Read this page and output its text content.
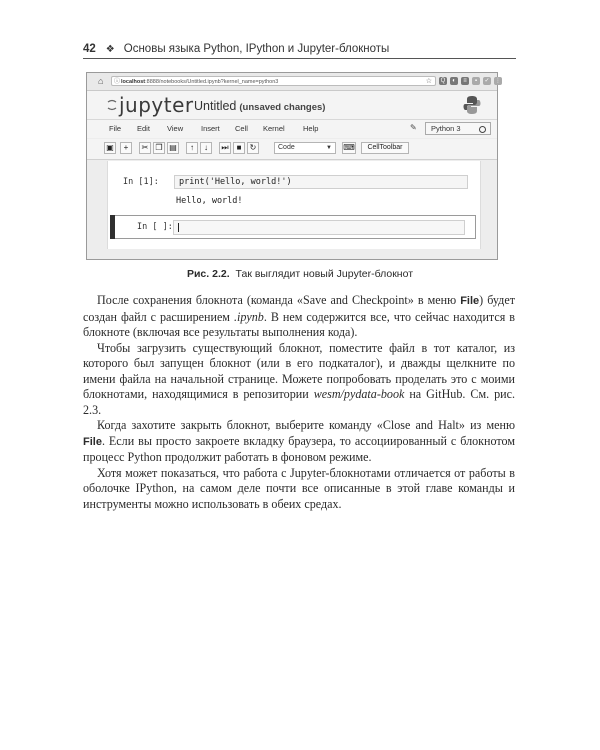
42 ❖ Основы языка Python, IPython и Jupyter-блокноты
⌂ ⓘ localhost:8888/notebooks/Untitled.ipynb?kernel_name=python3	☆ Q	◐	≡	▪	✓ ⋮
jupyter Untitled (unsaved changes)
File Edit View Insert Cell Kernel Help	✎ Python 3
▣	+	✂ ❐ ▤	↑	↓	⏭ ■	↻	Code	▼ ⌨	CellToolbar
In [1]: print('Hello, world!')
Hello, world!
In [ ]:
Рис. 2.2. Так выглядит новый Jupyter-блокнот

После сохранения блокнота (команда «Save and Checkpoint» в меню File) будет создан файл с расширением .ipynb. В нем содержится все, что сейчас находится в блокноте (включая все результаты выполнения кода).

Чтобы загрузить существующий блокнот, поместите файл в тот каталог, из которого был запущен блокнот (или в его подкаталог), и дважды щелкните по имени файла на начальной странице. Можете попробовать проделать это с моими блокнотами, находящимися в репозитории wesm/pydata-book на GitHub. См. рис. 2.3.

Когда захотите закрыть блокнот, выберите команду «Close and Halt» из меню File. Если вы просто закроете вкладку браузера, то ассоциированный с блокнотом процесс Python продолжит работать в фоновом режиме.

Хотя может показаться, что работа с Jupyter-блокнотами отличается от работы в оболочке IPython, на самом деле почти все описанные в этой главе команды и инструменты можно использовать в обеих средах.
